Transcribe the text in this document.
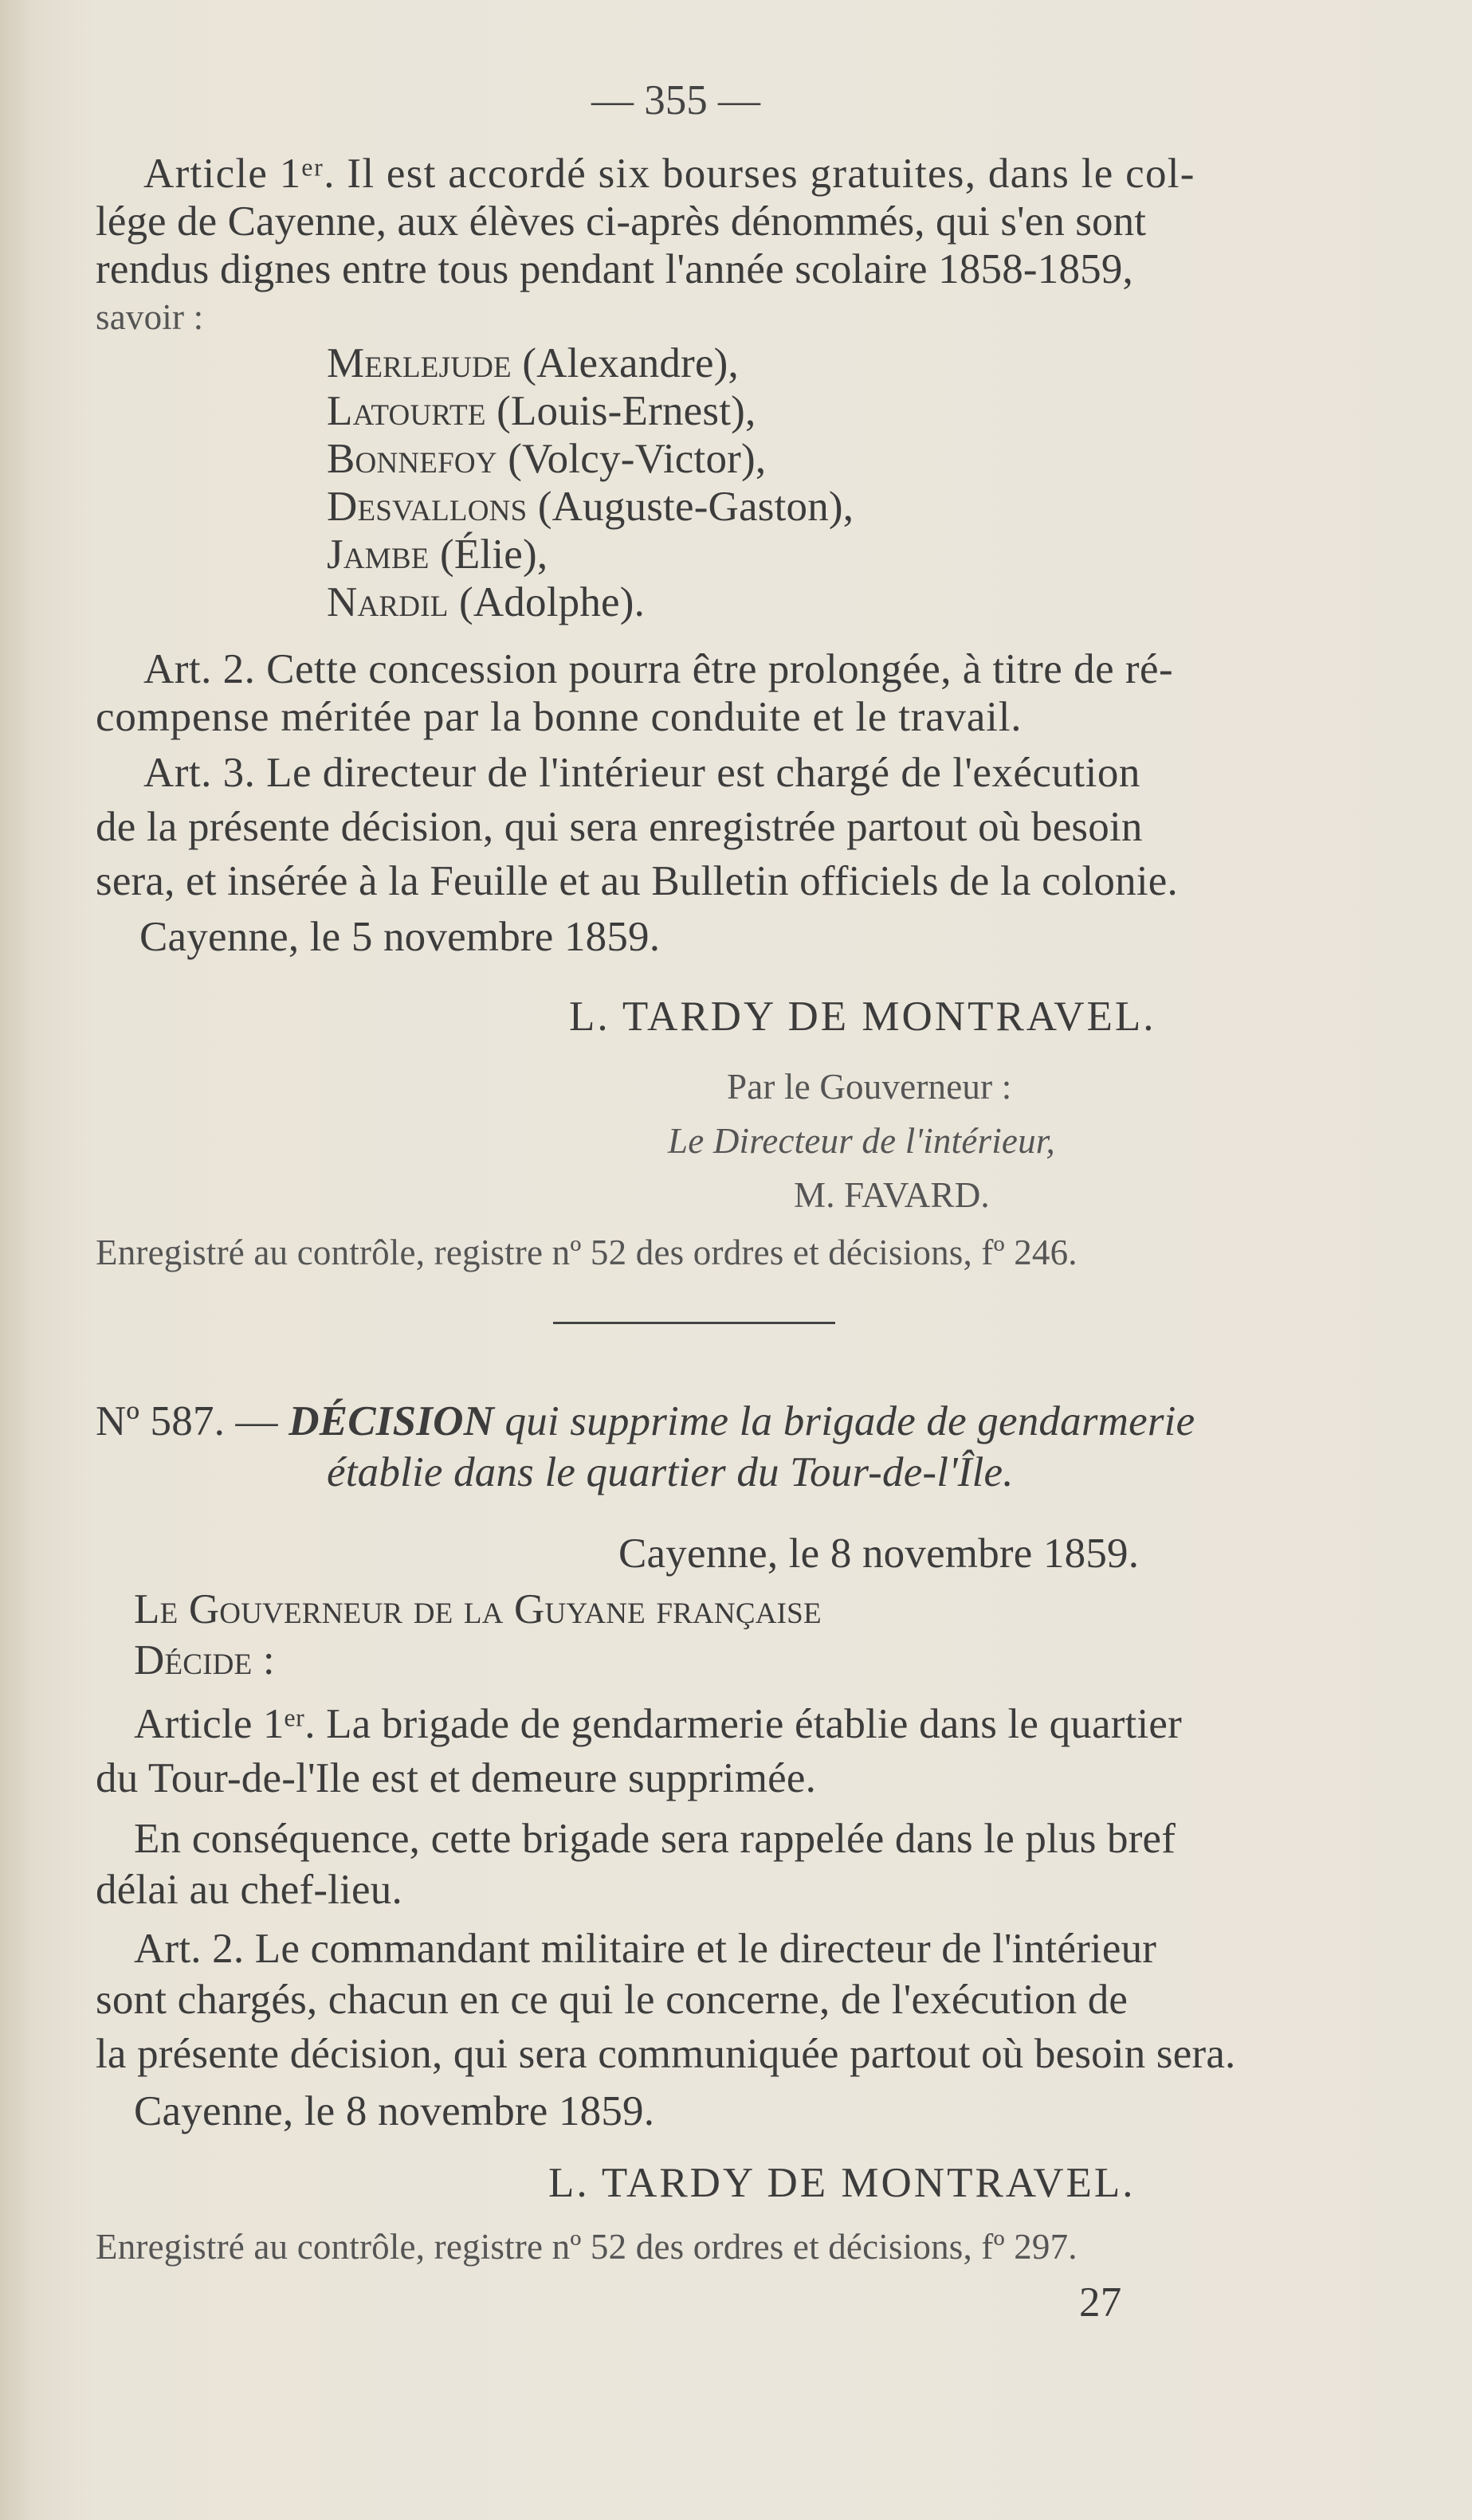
— 355 —
Article 1ᵉʳ. Il est accordé six bourses gratuites, dans le col-
lége de Cayenne, aux élèves ci-après dénommés, qui s'en sont
rendus dignes entre tous pendant l'année scolaire 1858-1859,
savoir :
Merlejude (Alexandre),
Latourte (Louis-Ernest),
Bonnefoy (Volcy-Victor),
Desvallons (Auguste-Gaston),
Jambe (Élie),
Nardil (Adolphe).
Art. 2. Cette concession pourra être prolongée, à titre de ré-
compense méritée par la bonne conduite et le travail.
Art. 3. Le directeur de l'intérieur est chargé de l'exécution
de la présente décision, qui sera enregistrée partout où besoin
sera, et insérée à la Feuille et au Bulletin officiels de la colonie.
Cayenne, le 5 novembre 1859.
L. TARDY DE MONTRAVEL.
Par le Gouverneur :
Le Directeur de l'intérieur,
M. FAVARD.
Enregistré au contrôle, registre nº 52 des ordres et décisions, fº 246.
Nº 587. — DÉCISION qui supprime la brigade de gendarmerie
établie dans le quartier du Tour-de-l'Île.
Cayenne, le 8 novembre 1859.
Le Gouverneur de la Guyane française
Décide :
Article 1ᵉʳ. La brigade de gendarmerie établie dans le quartier
du Tour-de-l'Ile est et demeure supprimée.
En conséquence, cette brigade sera rappelée dans le plus bref
délai au chef-lieu.
Art. 2. Le commandant militaire et le directeur de l'intérieur
sont chargés, chacun en ce qui le concerne, de l'exécution de
la présente décision, qui sera communiquée partout où besoin sera.
Cayenne, le 8 novembre 1859.
L. TARDY DE MONTRAVEL.
Enregistré au contrôle, registre nº 52 des ordres et décisions, fº 297.
27
